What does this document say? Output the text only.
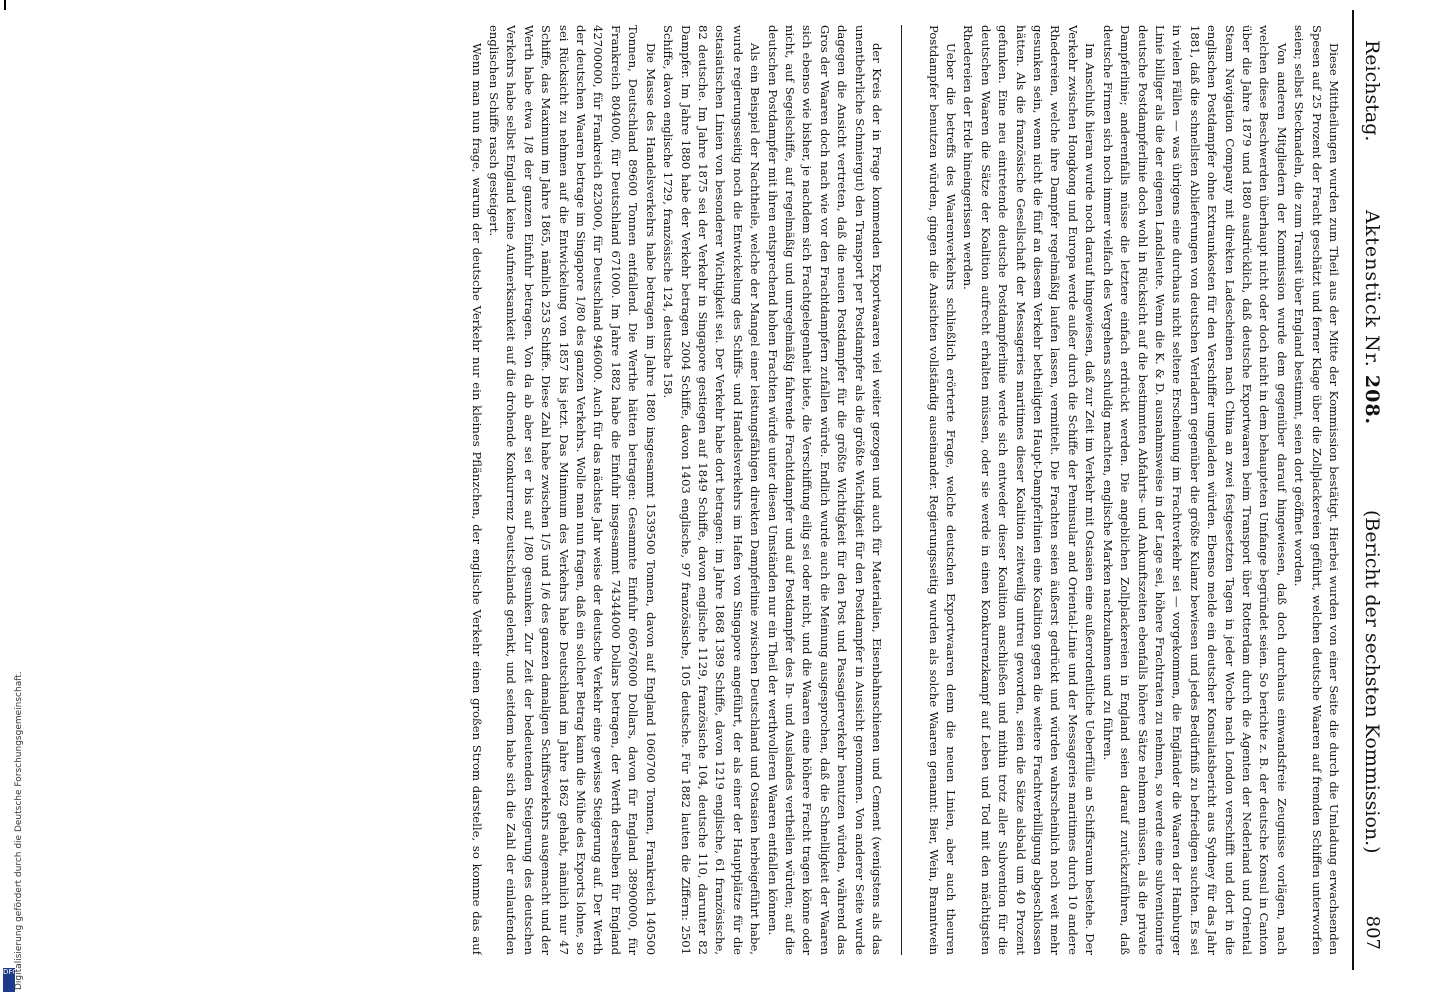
DFG
Digitalisierung gefördert durch die Deutsche Forschungsgemeinschaft.
Reichstag.
Aktenstück Nr. 208.
(Bericht der sechsten Kommission.)
807

Diese Mittheilungen wurden zum Theil aus der Mitte der Kommission bestätigt. Hierbei wurden von einer Seite die durch die Umladung erwachsenden Spesen auf 25 Prozent der Fracht geschätzt und ferner Klage über die Zollplackereien geführt, welchen deutsche Waaren auf fremden Schiffen unterworfen seien; selbst Stecknadeln, die zum Transit über England bestimmt, seien dort geöffnet worden.

Von anderen Mitgliedern der Kommission wurde dem gegenüber darauf hingewiesen, daß doch durchaus einwandsfreie Zeugnisse vorlägen, nach welchen diese Beschwerden überhaupt nicht oder doch nicht in dem behaupteten Umfange begründet seien. So berichte z. B. der deutsche Konsul in Canton über die Jahre 1879 und 1880 ausdrücklich, daß deutsche Exportwaaren beim Transport über Rotterdam durch die Agenten der Nederland und Oriental Steam Navigation Company mit direkten Ladescheinen nach China an zwei festgesetzten Tagen in jeder Woche nach London verschifft und dort in die englischen Postdampfer ohne Extraunkosten für den Verschiffer umgeladen würden. Ebenso melde ein deutscher Konsulatsbericht aus Sydney für das Jahr 1881, daß die schnellsten Ablieferungen von deutschen Verladern gegenüber die größte Kulanz bewiesen und jedes Bedürfniß zu befriedigen suchten. Es sei in vielen Fällen — was übrigens eine durchaus nicht seltene Erscheinung im Frachtverkehr sei — vorgekommen, die Engländer die Waaren der Hamburger Linie billiger als die der eigenen Landsleute. Wenn die K. & D. ausnahmsweise in der Lage sei, höhere Frachtraten zu nehmen, so werde eine subventionirte deutsche Postdampferlinie doch wohl in Rücksicht auf die bestimmten Abfahrts- und Ankunftszeiten ebenfalls höhere Sätze nehmen müssen, als die private Dampferlinie; anderenfalls müsse die letztere einfach erdrückt werden. Die angeblichen Zollplackereien in England seien darauf zurückzuführen, daß deutsche Firmen sich noch immer vielfach des Vergehens schuldig machten, englische Marken nachzuahmen und zu führen.

Im Anschluß hieran wurde noch darauf hingewiesen, daß zur Zeit im Verkehr mit Ostasien eine außerordentliche Ueberfülle an Schiffsraum bestehe. Der Verkehr zwischen Hongkong und Europa werde außer durch die Schiffe der Peninsular and Oriental-Linie und der Messageries maritimes durch 10 andere Rhedereien, welche ihre Dampfer regelmäßig laufen lassen, vermittelt. Die Frachten seien äußerst gedrückt und würden wahrscheinlich noch weit mehr gesunken sein, wenn nicht die fünf an diesem Verkehr betheiligten Haupt-Dampferlinien eine Koalition gegen die weitere Frachtverbilligung abgeschlossen hätten. Als die französische Gesellschaft der Messageries maritimes dieser Koalition zeitweilig untreu geworden, seien die Sätze alsbald um 40 Prozent gefunken. Eine neu eintretende deutsche Postdampferlinie werde sich entweder dieser Koalition anschließen und mithin trotz aller Subvention für die deutschen Waaren die Sätze der Koalition aufrecht erhalten müssen, oder sie werde in einen Konkurrenzkampf auf Leben und Tod mit den mächtigsten Rhedereien der Erde hineingerissen werden.

Ueber die betreffs des Waarenverkehrs schließlich erörterte Frage, welche deutschen Exportwaaren denn die neuen Linien, aber auch theuren Postdampfer benutzen würden, gingen die Ansichten vollständig auseinander. Regierungsseitig wurden als solche Waaren genannt: Bier, Wein, Branntwein

der Kreis der in Frage kommenden Exportwaaren viel weiter gezogen und auch für Materialien, Eisenbahnschienen und Cement (wenigstens als das unentbehrliche Schmiergut) den Transport per Postdampfer als die größte Wichtigkeit für den Postdampfer in Aussicht genommen. Von anderer Seite wurde dagegen die Ansicht vertreten, daß die neuen Postdampfer für die größte Wichtigkeit für den Post und Passagierverkehr benutzen würden, während das Gros der Waaren doch nach wie vor den Frachtdampfern zufallen würde. Endlich wurde auch die Meinung ausgesprochen, daß die Schnelligkeit der Waaren sich ebenso wie bisher, je nachdem sich Frachtgelegenheit biete, die Verschiffung eilig sei oder nicht, und die Waaren eine höhere Fracht tragen könne oder nicht, auf Segelschiffe, auf regelmäßig und unregelmäßig fahrende Frachtdampfer und auf Postdampfer des In- und Auslandes vertheilen würden; auf die deutschen Postdampfer mit ihren entsprechend hohen Frachten würde unter diesen Umständen nur ein Theil der werthvolleren Waaren entfallen können.

Als ein Beispiel der Nachtheile, welche der Mangel einer leistungsfähigen direkten Dampferlinie zwischen Deutschland und Ostasien herbeigeführt habe, wurde regierungsseitig noch die Entwickelung des Schiffs- und Handelsverkehrs im Hafen von Singapore angeführt, der als einer der Hauptplätze für die ostasiatischen Linien von besonderer Wichtigkeit sei. Der Verkehr habe dort betragen: im Jahre 1868 1389 Schiffe, davon 1219 englische, 61 französische, 82 deutsche. Im Jahre 1875 sei der Verkehr in Singapore gestiegen auf 1849 Schiffe, davon englische 1129, französische 104, deutsche 110, darunter 82 Dampfer. Im Jahre 1880 habe der Verkehr betragen 2004 Schiffe, davon 1403 englische, 97 französische, 105 deutsche. Für 1882 lauten die Ziffern: 2501 Schiffe, davon englische 1729, französische 124, deutsche 158.

Die Masse des Handelsverkehrs habe betragen im Jahre 1880 insgesammt 1539500 Tonnen, davon auf England 1060700 Tonnen, Frankreich 140500 Tonnen, Deutschland 89600 Tonnen entfallend. Die Werthe hätten betragen: Gesammte Einfuhr 60676000 Dollars, davon für England 38900000, für Frankreich 804000, für Deutschland 671000. Im Jahre 1882 habe die Einfuhr insgesammt 74344000 Dollars betragen, der Werth derselben für England 42700000, für Frankreich 823000, für Deutschland 946000. Auch für das nächste Jahr weise der deutsche Verkehr eine gewisse Steigerung auf. Der Werth der deutschen Waaren betrage im Singapore 1/80 des ganzen Verkehrs. Wolle man nun fragen, daß ein solcher Betrag kann die Mühe des Exports lohne, so sei Rücksicht zu nehmen auf die Entwickelung von 1857 bis jetzt. Das Minimum des Verkehrs habe Deutschland im Jahre 1862 gehabt, nämlich nur 47 Schiffe, das Maximum im Jahre 1865, nämlich 253 Schiffe. Diese Zahl habe zwischen 1/5 und 1/6 des ganzen damaligen Schiffsverkehrs ausgemacht und der Werth habe etwa 1/8 der ganzen Einfuhr betragen. Von da ab aber sei er bis auf 1/80 gesunken. Zur Zeit der bedeutenden Steigerung des deutschen Verkehrs habe selbst England keine Aufmerksamkeit auf die drohende Konkurrenz Deutschlands gelenkt, und seitdem habe sich die Zahl der einlaufenden englischen Schiffe rasch gesteigert.

Wenn man nun frage, warum der deutsche Verkehr nur ein kleines Pflänzchen, der englische Verkehr einen großen Strom darstelle, so komme das auf
